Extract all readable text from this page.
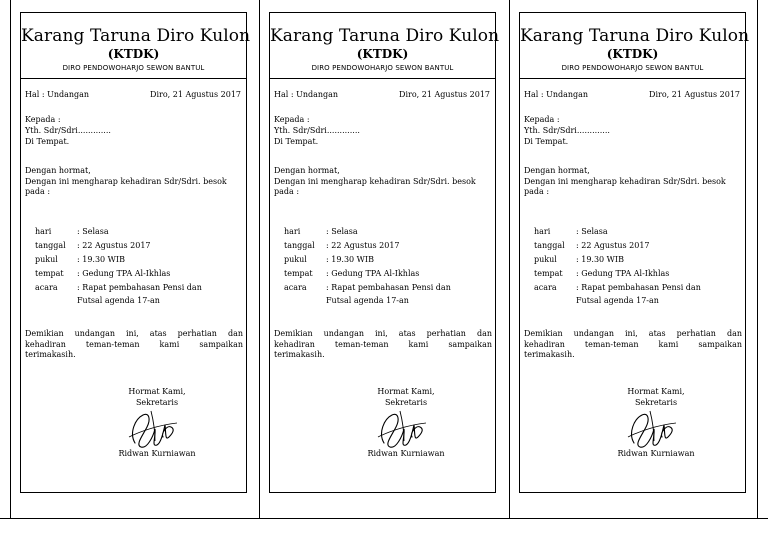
Karang Taruna Diro Kulon
(KTDK)
DIRO PENDOWOHARJO SEWON BANTUL
Hal : Undangan	Diro, 21 Agustus 2017
Kepada :
Yth. Sdr/Sdri.............
Di Tempat.
Dengan hormat,
Dengan ini mengharap kehadiran Sdr/Sdri. besok pada :
hari	: Selasa
tanggal : 22 Agustus 2017
pukul : 19.30 WIB
tempat : Gedung TPA Al-Ikhlas
acara : Rapat pembahasan Pensi dan Futsal agenda 17-an
Demikian undangan ini, atas perhatian dan kehadiran teman-teman kami sampaikan terimakasih.
Hormat Kami,
Sekretaris
Ridwan Kurniawan
Karang Taruna Diro Kulon
(KTDK)
DIRO PENDOWOHARJO SEWON BANTUL
Hal : Undangan	Diro, 21 Agustus 2017
Kepada :
Yth. Sdr/Sdri.............
Di Tempat.
Dengan hormat,
Dengan ini mengharap kehadiran Sdr/Sdri. besok pada :
hari	: Selasa
tanggal : 22 Agustus 2017
pukul : 19.30 WIB
tempat : Gedung TPA Al-Ikhlas
acara : Rapat pembahasan Pensi dan Futsal agenda 17-an
Demikian undangan ini, atas perhatian dan kehadiran teman-teman kami sampaikan terimakasih.
Hormat Kami,
Sekretaris
Ridwan Kurniawan
Karang Taruna Diro Kulon
(KTDK)
DIRO PENDOWOHARJO SEWON BANTUL
Hal : Undangan	Diro, 21 Agustus 2017
Kepada :
Yth. Sdr/Sdri.............
Di Tempat.
Dengan hormat,
Dengan ini mengharap kehadiran Sdr/Sdri. besok pada :
hari	: Selasa
tanggal : 22 Agustus 2017
pukul : 19.30 WIB
tempat : Gedung TPA Al-Ikhlas
acara : Rapat pembahasan Pensi dan Futsal agenda 17-an
Demikian undangan ini, atas perhatian dan kehadiran teman-teman kami sampaikan terimakasih.
Hormat Kami,
Sekretaris
Ridwan Kurniawan
